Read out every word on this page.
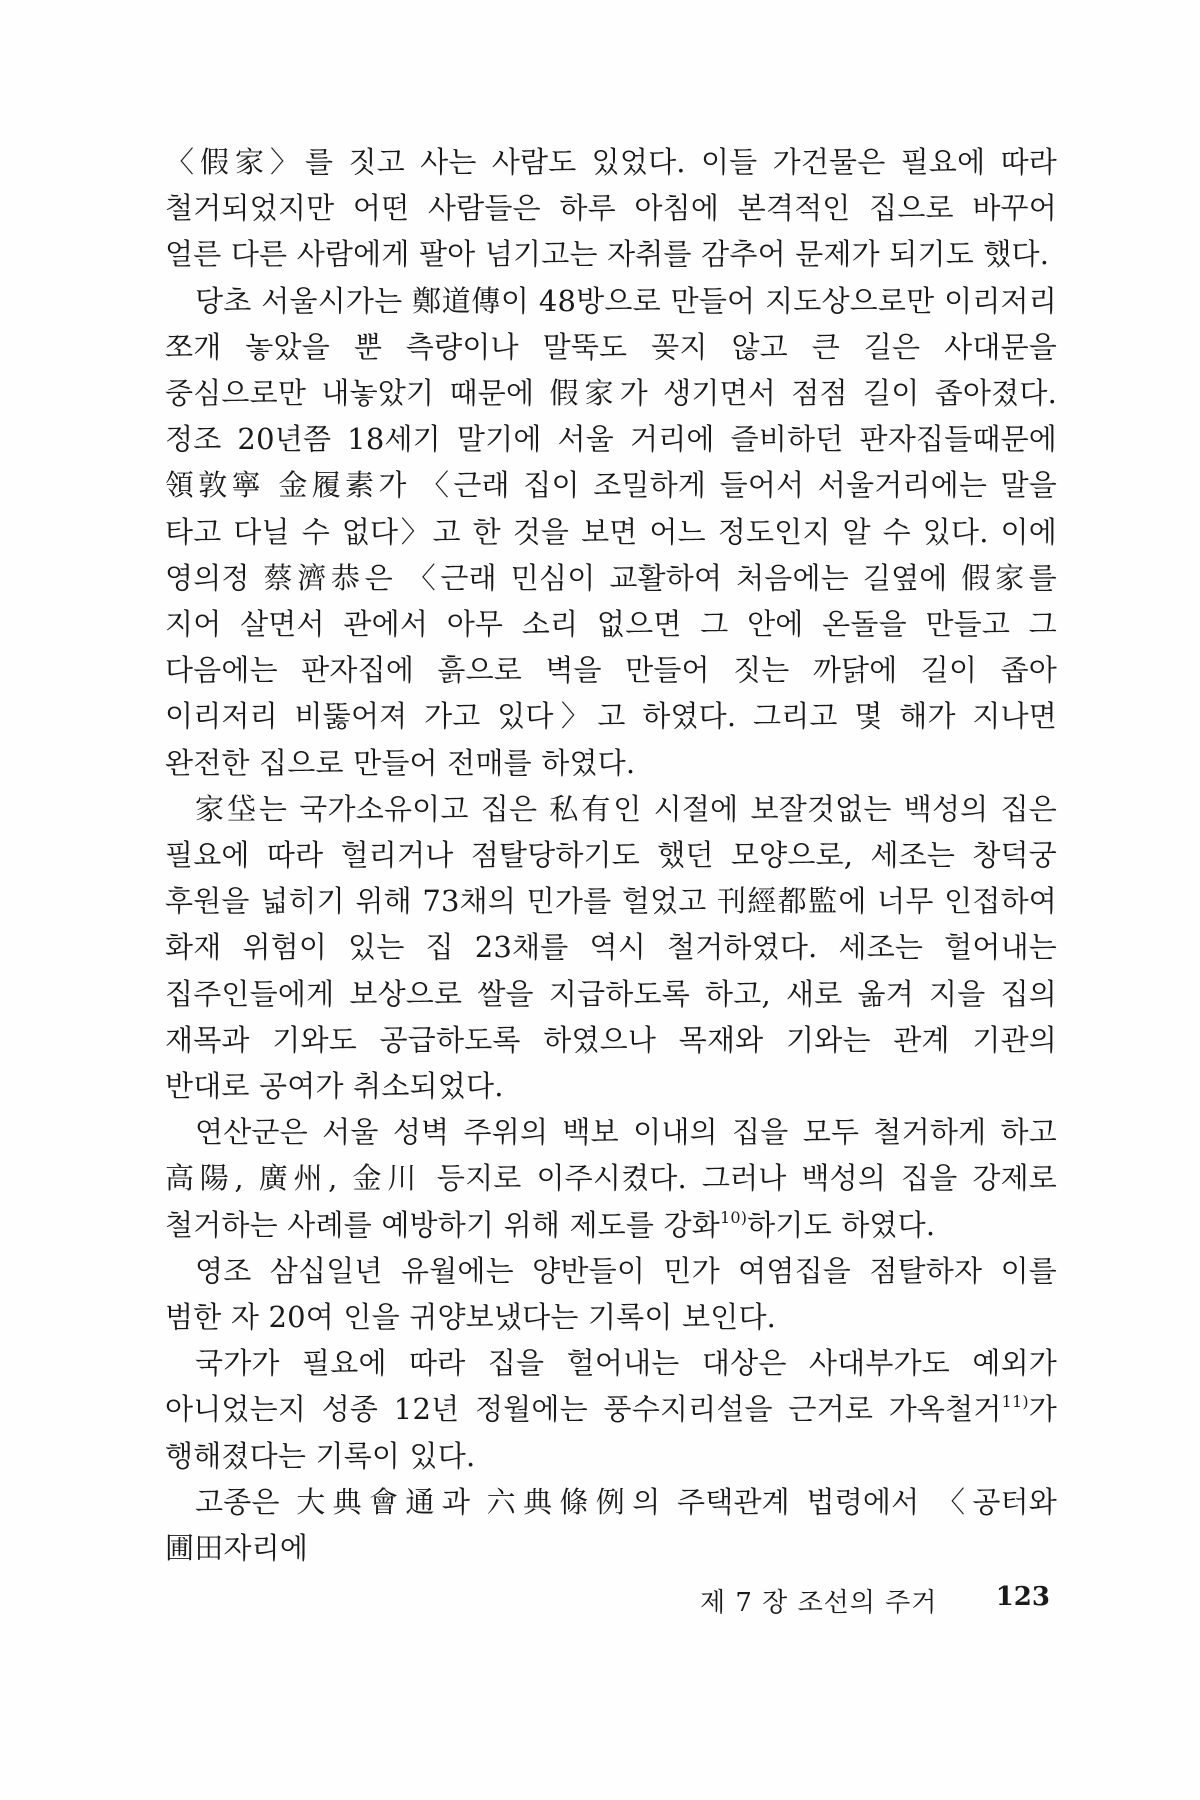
〈假家〉를 짓고 사는 사람도 있었다. 이들 가건물은 필요에 따라 철거되었지만 어떤 사람들은 하루 아침에 본격적인 집으로 바꾸어 얼른 다른 사람에게 팔아 넘기고는 자취를 감추어 문제가 되기도 했다.

당초 서울시가는 鄭道傳이 48방으로 만들어 지도상으로만 이리저리 쪼개 놓았을 뿐 측량이나 말뚝도 꽂지 않고 큰 길은 사대문을 중심으로만 내놓았기 때문에 假家가 생기면서 점점 길이 좁아졌다. 정조 20년쯤 18세기 말기에 서울 거리에 즐비하던 판자집들때문에 領敦寧 金履素가 〈근래 집이 조밀하게 들어서 서울거리에는 말을 타고 다닐 수 없다〉고 한 것을 보면 어느 정도인지 알 수 있다. 이에 영의정 蔡濟恭은 〈근래 민심이 교활하여 처음에는 길옆에 假家를 지어 살면서 관에서 아무 소리 없으면 그 안에 온돌을 만들고 그 다음에는 판자집에 흙으로 벽을 만들어 짓는 까닭에 길이 좁아 이리저리 비뚫어져 가고 있다〉고 하였다. 그리고 몇 해가 지나면 완전한 집으로 만들어 전매를 하였다.

家垈는 국가소유이고 집은 私有인 시절에 보잘것없는 백성의 집은 필요에 따라 헐리거나 점탈당하기도 했던 모양으로, 세조는 창덕궁 후원을 넓히기 위해 73채의 민가를 헐었고 刊經都監에 너무 인접하여 화재 위험이 있는 집 23채를 역시 철거하였다. 세조는 헐어내는 집주인들에게 보상으로 쌀을 지급하도록 하고, 새로 옮겨 지을 집의 재목과 기와도 공급하도록 하였으나 목재와 기와는 관계 기관의 반대로 공여가 취소되었다.

연산군은 서울 성벽 주위의 백보 이내의 집을 모두 철거하게 하고 高陽, 廣州, 金川 등지로 이주시켰다. 그러나 백성의 집을 강제로 철거하는 사례를 예방하기 위해 제도를 강화$^{10)}$하기도 하였다.

영조 삼십일년 유월에는 양반들이 민가 여염집을 점탈하자 이를 범한 자 20여 인을 귀양보냈다는 기록이 보인다.

국가가 필요에 따라 집을 헐어내는 대상은 사대부가도 예외가 아니었는지 성종 12년 정월에는 풍수지리설을 근거로 가옥철거$^{11)}$가 행해졌다는 기록이 있다.

고종은 大典會通과 六典條例의 주택관계 법령에서 〈공터와 圃田자리에

제 7 장 조선의 주거 123
